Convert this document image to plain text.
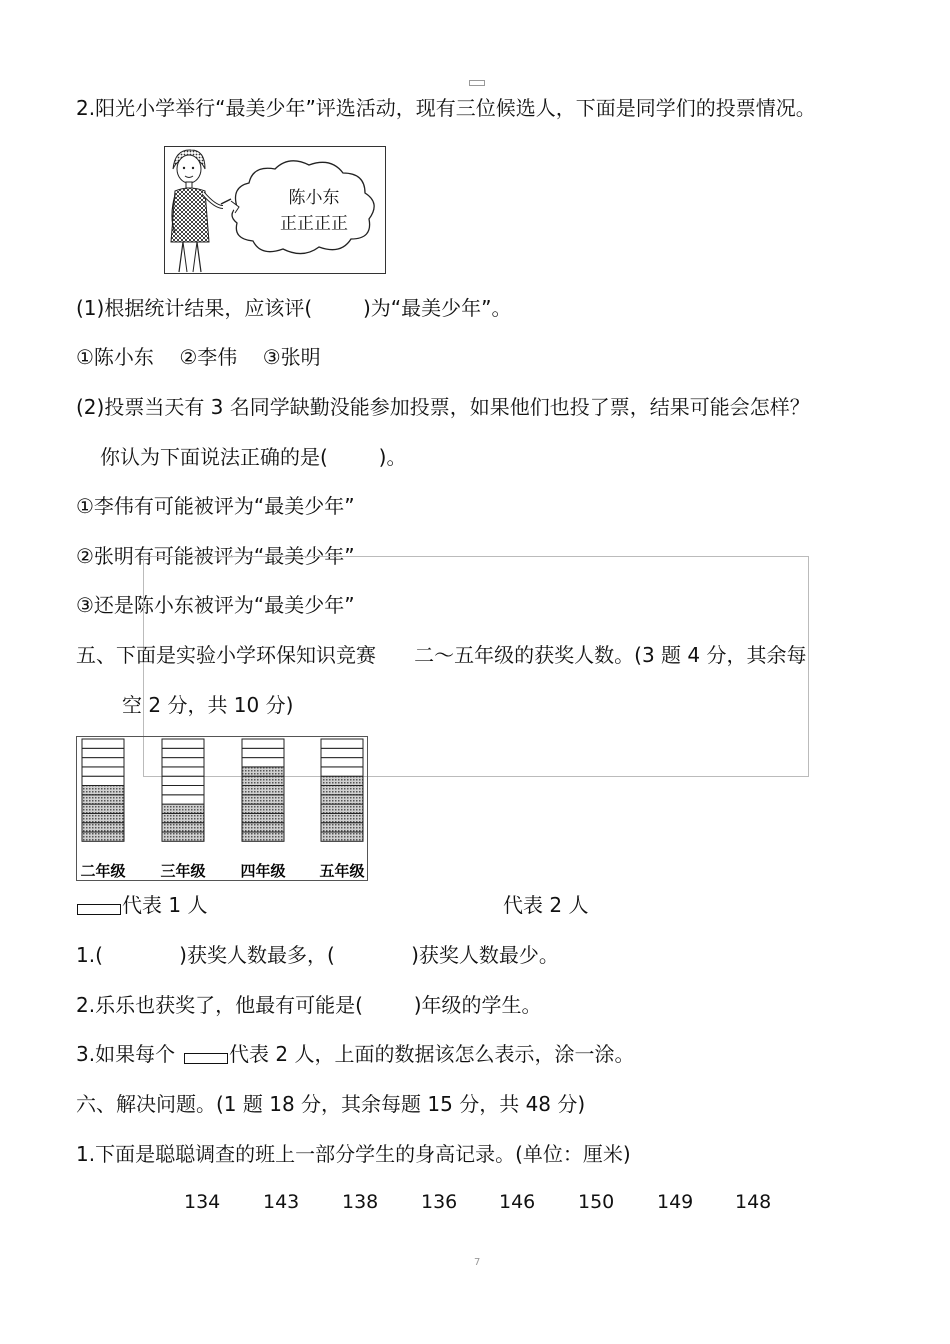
2.阳光小学举行“最美少年”评选活动，现有三位候选人，下面是同学们的投票情况。
陈小东
正正正正
(1)根据统计结果，应该评(        )为“最美少年”。
①陈小东    ②李伟    ③张明
(2)投票当天有 3 名同学缺勤没能参加投票，如果他们也投了票，结果可能会怎样？
你认为下面说法正确的是(        )。
①李伟有可能被评为“最美少年”
②张明有可能被评为“最美少年”
③还是陈小东被评为“最美少年”
五、下面是实验小学环保知识竞赛      二～五年级的获奖人数。(3 题 4 分，其余每
空 2 分，共 10 分)
二年级 三年级 四年级 五年级
代表 1 人	代表 2 人
1.(            )获奖人数最多，(            )获奖人数最少。
2.乐乐也获奖了，他最有可能是(        )年级的学生。
3.如果每个	代表 2 人，上面的数据该怎么表示，涂一涂。
六、解决问题。(1 题 18 分，其余每题 15 分，共 48 分)
1.下面是聪聪调查的班上一部分学生的身高记录。(单位：厘米)
134 143 138 136 146 150 149 148
7
